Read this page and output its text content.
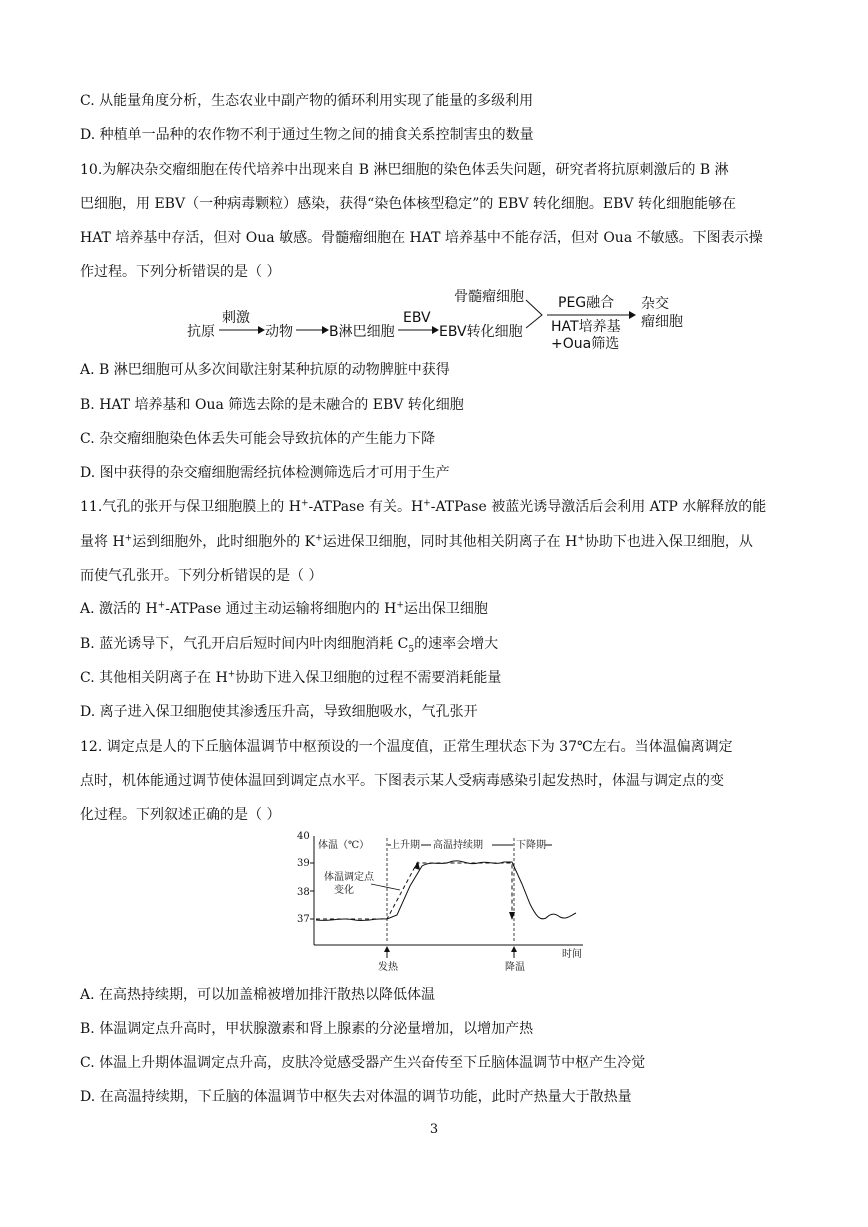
C. 从能量角度分析，生态农业中副产物的循环利用实现了能量的多级利用
D. 种植单一品种的农作物不利于通过生物之间的捕食关系控制害虫的数量
10.为解决杂交瘤细胞在传代培养中出现来自 B 淋巴细胞的染色体丢失问题，研究者将抗原刺激后的 B 淋
巴细胞，用 EBV（一种病毒颗粒）感染，获得“染色体核型稳定”的 EBV 转化细胞。EBV 转化细胞能够在
HAT 培养基中存活，但对 Oua 敏感。骨髓瘤细胞在 HAT 培养基中不能存活，但对 Oua 不敏感。下图表示操
作过程。下列分析错误的是（ ）
抗原
刺激
动物	B淋巴细胞
EBV
EBV转化细胞
骨髓瘤细胞 PEG融合
HAT培养基
+Oua筛选
杂交
瘤细胞
A. B 淋巴细胞可从多次间歇注射某种抗原的动物脾脏中获得
B. HAT 培养基和 Oua 筛选去除的是未融合的 EBV 转化细胞
C. 杂交瘤细胞染色体丢失可能会导致抗体的产生能力下降
D. 图中获得的杂交瘤细胞需经抗体检测筛选后才可用于生产
11.气孔的张开与保卫细胞膜上的 H+-ATPase 有关。H+-ATPase 被蓝光诱导激活后会利用 ATP 水解释放的能
量将 H+运到细胞外，此时细胞外的 K+运进保卫细胞，同时其他相关阴离子在 H+协助下也进入保卫细胞，从
而使气孔张开。下列分析错误的是（ ）
A. 激活的 H+-ATPase 通过主动运输将细胞内的 H+运出保卫细胞
B. 蓝光诱导下，气孔开启后短时间内叶肉细胞消耗 $C_5$的速率会增大
C. 其他相关阴离子在 H+协助下进入保卫细胞的过程不需要消耗能量
D. 离子进入保卫细胞使其渗透压升高，导致细胞吸水，气孔张开
12. 调定点是人的下丘脑体温调节中枢预设的一个温度值，正常生理状态下为 37℃左右。当体温偏离调定
点时，机体能通过调节使体温回到调定点水平。下图表示某人受病毒感染引起发热时，体温与调定点的变
化过程。下列叙述正确的是（ ）
40
39
38
37
体温（℃）
时间
上升期 高温持续期	下降期
体温调定点
变化
发热	降温
A. 在高热持续期，可以加盖棉被增加排汗散热以降低体温
B. 体温调定点升高时，甲状腺激素和肾上腺素的分泌量增加，以增加产热
C. 体温上升期体温调定点升高，皮肤冷觉感受器产生兴奋传至下丘脑体温调节中枢产生冷觉
D. 在高温持续期，下丘脑的体温调节中枢失去对体温的调节功能，此时产热量大于散热量
3
